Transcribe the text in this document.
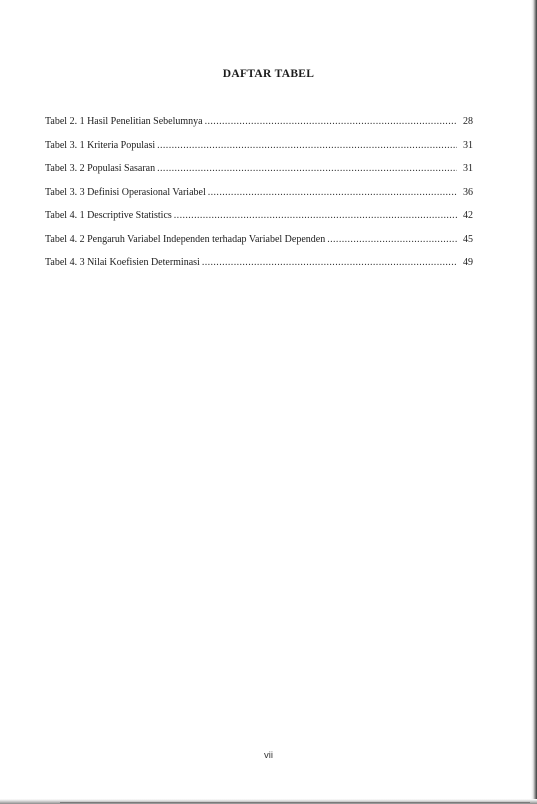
DAFTAR TABEL
Tabel 2. 1 Hasil Penelitian Sebelumnya .....	28
Tabel 3. 1 Kriteria Populasi .....	31
Tabel 3. 2 Populasi Sasaran .....	31
Tabel 3. 3 Definisi Operasional Variabel .....	36
Tabel 4. 1 Descriptive Statistics .....	42
Tabel 4. 2 Pengaruh Variabel Independen terhadap Variabel Dependen .....	45
Tabel 4. 3 Nilai Koefisien Determinasi .....	49
vii
